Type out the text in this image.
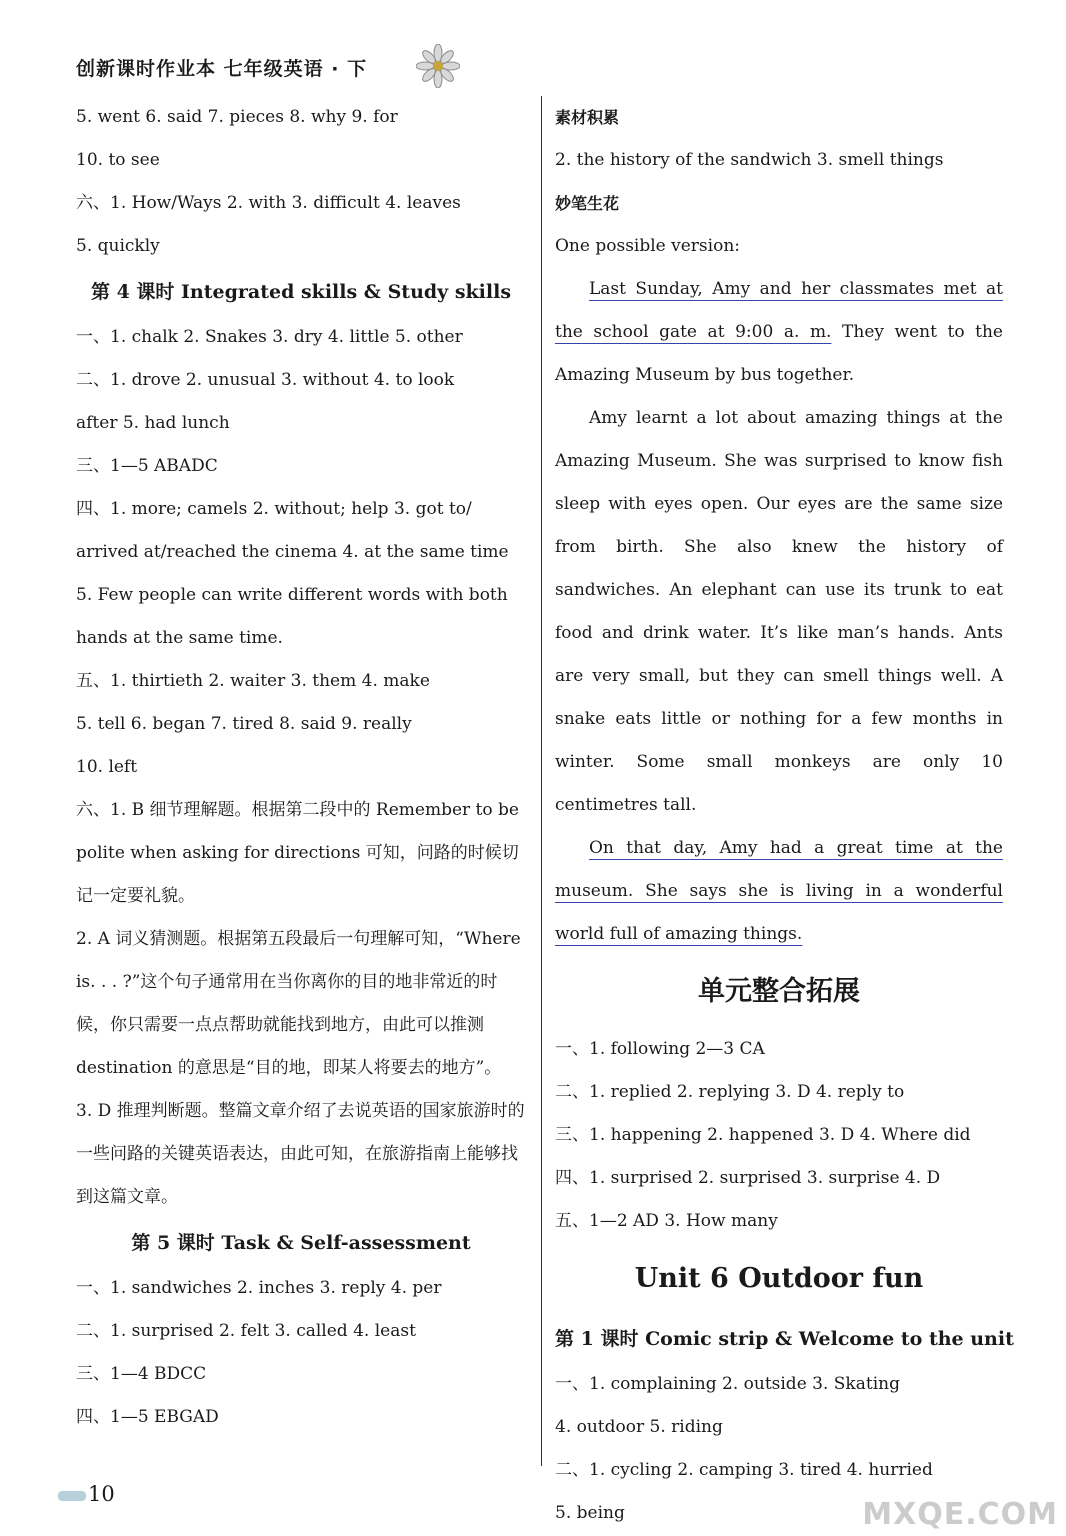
创新课时作业本 七年级英语 · 下
5. went 6. said 7. pieces 8. why 9. for
10. to see
六、1. How/Ways 2. with 3. difficult 4. leaves
5. quickly
第 4 课时 Integrated skills & Study skills
一、1. chalk 2. Snakes 3. dry 4. little 5. other
二、1. drove 2. unusual 3. without 4. to look
after 5. had lunch
三、1—5 ABADC
四、1. more; camels 2. without; help 3. got to/
arrived at/reached the cinema 4. at the same time
5. Few people can write different words with both
hands at the same time.
五、1. thirtieth 2. waiter 3. them 4. make
5. tell 6. began 7. tired 8. said 9. really
10. left
六、1. B 细节理解题。根据第二段中的 Remember to be polite when asking for directions 可知，问路的时候切记一定要礼貌。
2. A 词义猜测题。根据第五段最后一句理解可知，“Where is. . . ?”这个句子通常用在当你离你的目的地非常近的时候，你只需要一点点帮助就能找到地方，由此可以推测 destination 的意思是“目的地，即某人将要去的地方”。
3. D 推理判断题。整篇文章介绍了去说英语的国家旅游时的一些问路的关键英语表达，由此可知，在旅游指南上能够找到这篇文章。
第 5 课时 Task & Self-assessment
一、1. sandwiches 2. inches 3. reply 4. per
二、1. surprised 2. felt 3. called 4. least
三、1—4 BDCC
四、1—5 EBGAD
素材积累
2. the history of the sandwich 3. smell things
妙笔生花
One possible version:
Last Sunday, Amy and her classmates met at the school gate at 9:00 a. m. They went to the Amazing Museum by bus together.
Amy learnt a lot about amazing things at the Amazing Museum. She was surprised to know fish sleep with eyes open. Our eyes are the same size from birth. She also knew the history of sandwiches. An elephant can use its trunk to eat food and drink water. It’s like man’s hands. Ants are very small, but they can smell things well. A snake eats little or nothing for a few months in winter. Some small monkeys are only 10 centimetres tall.
On that day, Amy had a great time at the museum. She says she is living in a wonderful world full of amazing things.
单元整合拓展
一、1. following 2—3 CA
二、1. replied 2. replying 3. D 4. reply to
三、1. happening 2. happened 3. D 4. Where did
四、1. surprised 2. surprised 3. surprise 4. D
五、1—2 AD 3. How many
Unit 6 Outdoor fun
第 1 课时 Comic strip & Welcome to the unit
一、1. complaining 2. outside 3. Skating
4. outdoor 5. riding
二、1. cycling 2. camping 3. tired 4. hurried
5. being
10
MXQE.COM
